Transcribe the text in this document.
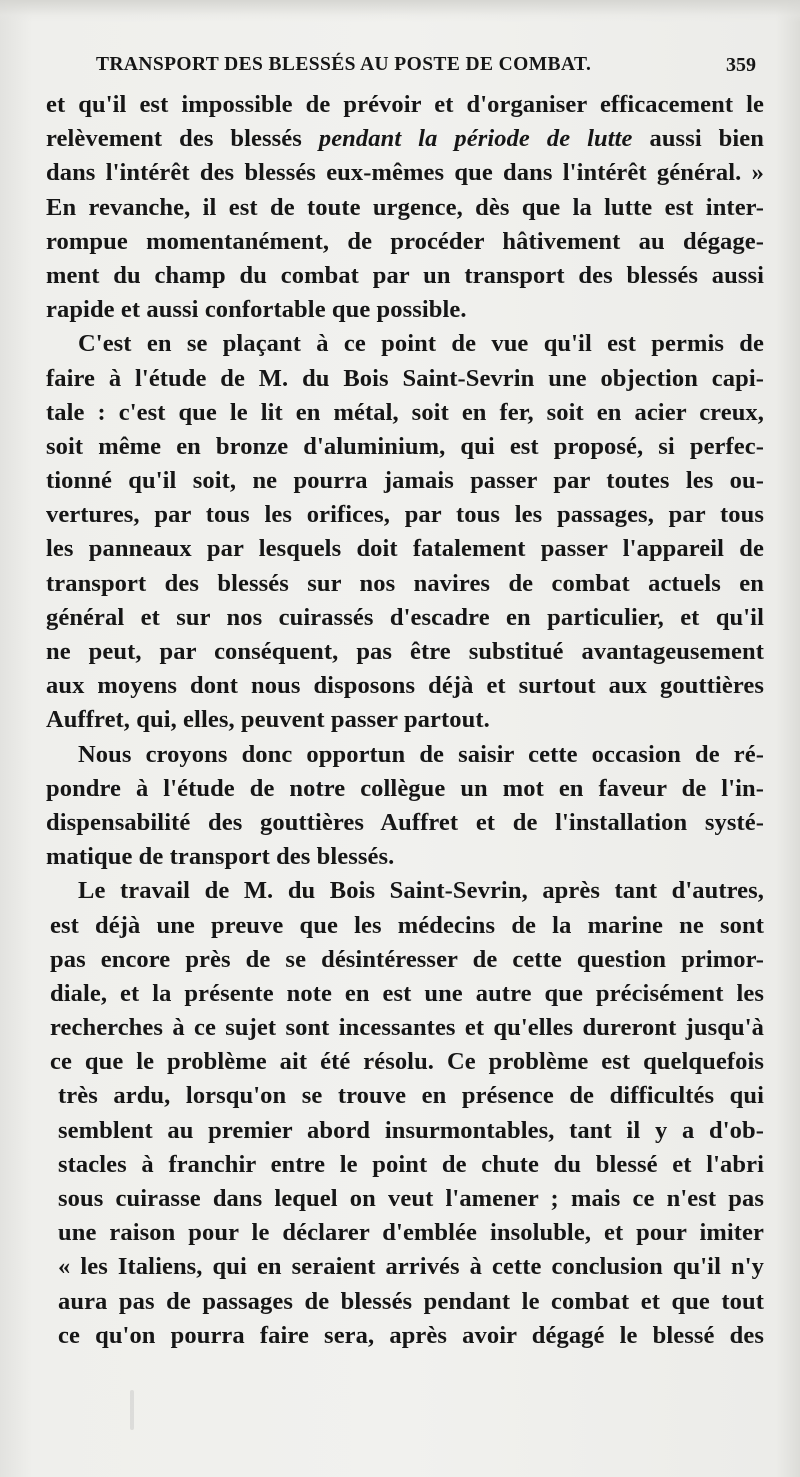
TRANSPORT DES BLESSÉS AU POSTE DE COMBAT.	359
et qu'il est impossible de prévoir et d'organiser efficacement le
relèvement des blessés pendant la période de lutte aussi bien
dans l'intérêt des blessés eux-mêmes que dans l'intérêt général. »
En revanche, il est de toute urgence, dès que la lutte est inter-
rompue momentanément, de procéder hâtivement au dégage-
ment du champ du combat par un transport des blessés aussi
rapide et aussi confortable que possible.
C'est en se plaçant à ce point de vue qu'il est permis de
faire à l'étude de M. du Bois Saint-Sevrin une objection capi-
tale : c'est que le lit en métal, soit en fer, soit en acier creux,
soit même en bronze d'aluminium, qui est proposé, si perfec-
tionné qu'il soit, ne pourra jamais passer par toutes les ou-
vertures, par tous les orifices, par tous les passages, par tous
les panneaux par lesquels doit fatalement passer l'appareil de
transport des blessés sur nos navires de combat actuels en
général et sur nos cuirassés d'escadre en particulier, et qu'il
ne peut, par conséquent, pas être substitué avantageusement
aux moyens dont nous disposons déjà et surtout aux gouttières
Auffret, qui, elles, peuvent passer partout.
Nous croyons donc opportun de saisir cette occasion de ré-
pondre à l'étude de notre collègue un mot en faveur de l'in-
dispensabilité des gouttières Auffret et de l'installation systé-
matique de transport des blessés.
Le travail de M. du Bois Saint-Sevrin, après tant d'autres,
est déjà une preuve que les médecins de la marine ne sont
pas encore près de se désintéresser de cette question primor-
diale, et la présente note en est une autre que précisément les
recherches à ce sujet sont incessantes et qu'elles dureront jusqu'à
ce que le problème ait été résolu. Ce problème est quelquefois
très ardu, lorsqu'on se trouve en présence de difficultés qui
semblent au premier abord insurmontables, tant il y a d'ob-
stacles à franchir entre le point de chute du blessé et l'abri
sous cuirasse dans lequel on veut l'amener ; mais ce n'est pas
une raison pour le déclarer d'emblée insoluble, et pour imiter
« les Italiens, qui en seraient arrivés à cette conclusion qu'il n'y
aura pas de passages de blessés pendant le combat et que tout
ce qu'on pourra faire sera, après avoir dégagé le blessé des
